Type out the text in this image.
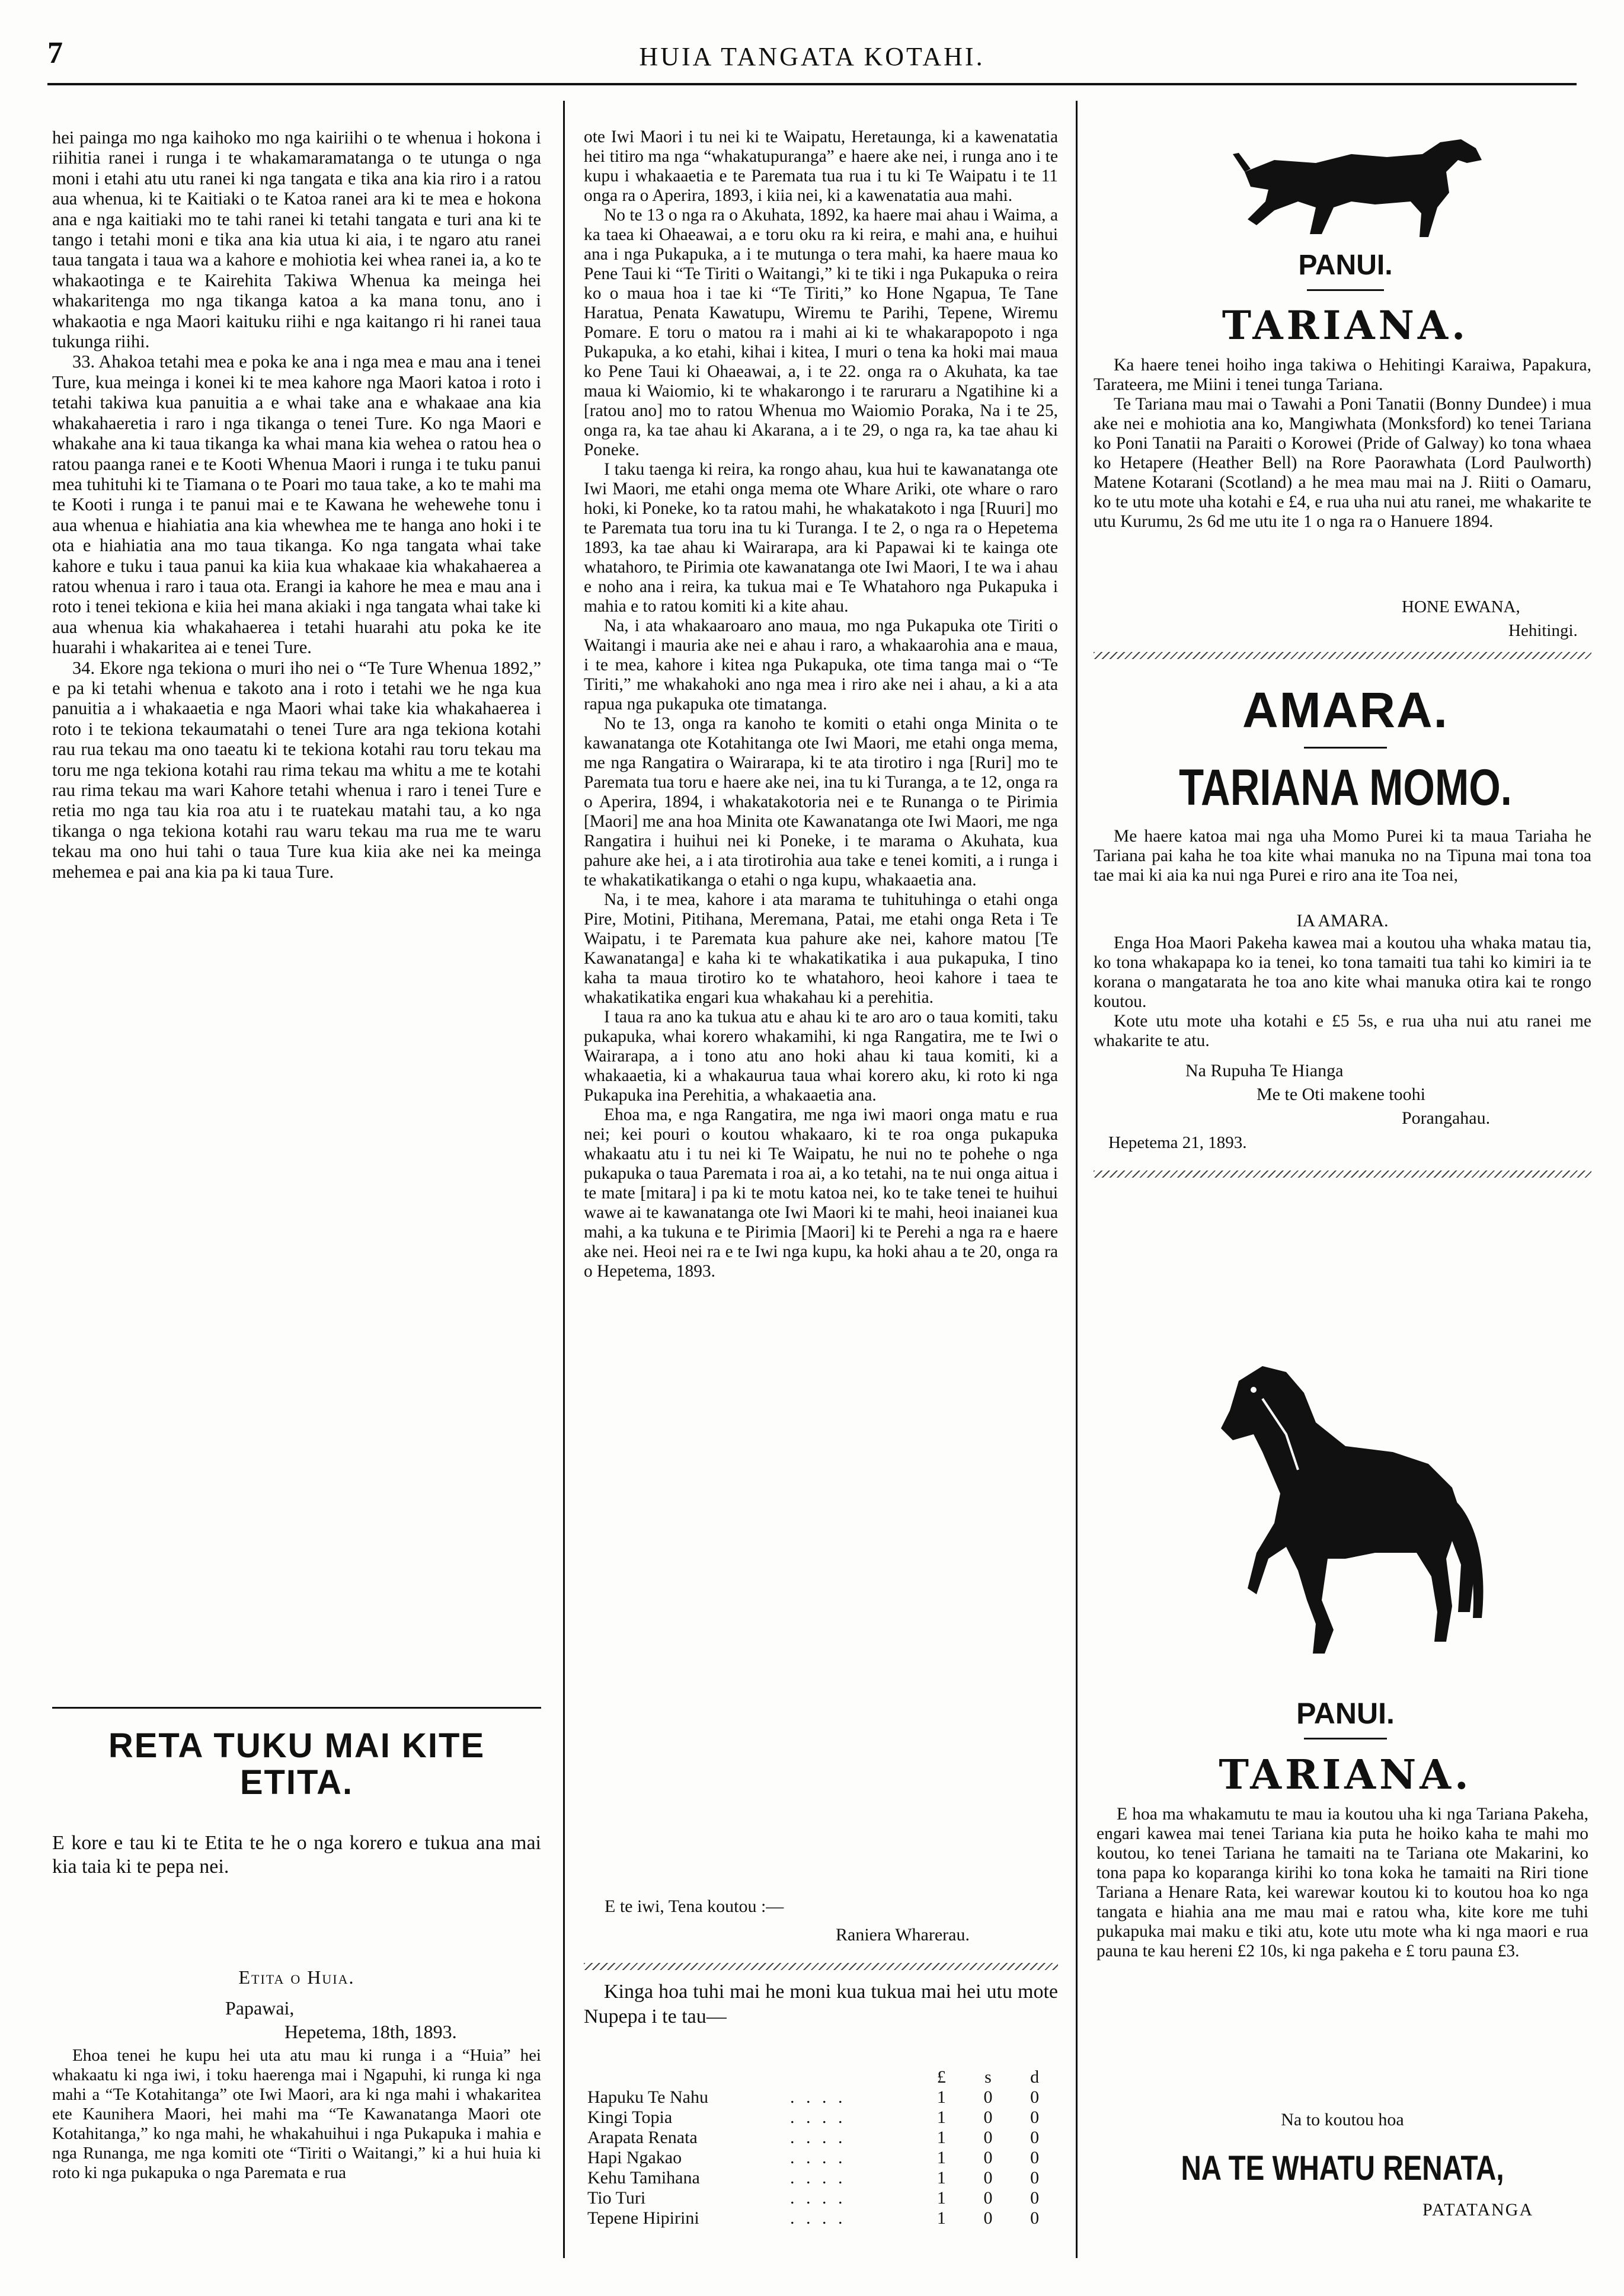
7	HUIA TANGATA KOTAHI.

hei painga mo nga kaihoko mo nga kairiihi o te whenua i hokona i riihitia ranei i runga i te whakamaramatanga o te utunga o nga moni i etahi atu utu ranei ki nga tangata e tika ana kia riro i a ratou aua whenua, ki te Kaitiaki o te Katoa ranei ara ki te mea e hokona ana e nga kaitiaki mo te tahi ranei ki tetahi tangata e turi ana ki te tango i tetahi moni e tika ana kia utua ki aia, i te ngaro atu ranei taua tangata i taua wa a kahore e mohiotia kei whea ranei ia, a ko te whakaotinga e te Kairehita Takiwa Whenua ka meinga hei whakaritenga mo nga tikanga katoa a ka mana tonu, ano i whakaotia e nga Maori kaituku riihi e nga kaitango ri hi ranei taua tukunga riihi.

33. Ahakoa tetahi mea e poka ke ana i nga mea e mau ana i tenei Ture, kua meinga i konei ki te mea kahore nga Maori katoa i roto i tetahi takiwa kua panuitia a e whai take ana e whakaae ana kia whakahaeretia i raro i nga tikanga o tenei Ture. Ko nga Maori e whakahe ana ki taua tikanga ka whai mana kia wehea o ratou hea o ratou paanga ranei e te Kooti Whenua Maori i runga i te tuku panui mea tuhituhi ki te Tiamana o te Poari mo taua take, a ko te mahi ma te Kooti i runga i te panui mai e te Kawana he wehewehe tonu i aua whenua e hiahiatia ana kia whewhea me te hanga ano hoki i te ota e hiahiatia ana mo taua tikanga. Ko nga tangata whai take kahore e tuku i taua panui ka kiia kua whakaae kia whakahaerea a ratou whenua i raro i taua ota. Erangi ia kahore he mea e mau ana i roto i tenei tekiona e kiia hei mana akiaki i nga tangata whai take ki aua whenua kia whakahaerea i tetahi huarahi atu poka ke ite huarahi i whakaritea ai e tenei Ture.

34. Ekore nga tekiona o muri iho nei o “Te Ture Whenua 1892,” e pa ki tetahi whenua e takoto ana i roto i tetahi we he nga kua panuitia a i whakaaetia e nga Maori whai take kia whakahaerea i roto i te tekiona tekaumatahi o tenei Ture ara nga tekiona kotahi rau rua tekau ma ono taeatu ki te tekiona kotahi rau toru tekau ma toru me nga tekiona kotahi rau rima tekau ma whitu a me te kotahi rau rima tekau ma wari Kahore tetahi whenua i raro i tenei Ture e retia mo nga tau kia roa atu i te ruatekau matahi tau, a ko nga tikanga o nga tekiona kotahi rau waru tekau ma rua me te waru tekau ma ono hui tahi o taua Ture kua kiia ake nei ka meinga mehemea e pai ana kia pa ki taua Ture.

RETA TUKU MAI KITE ETITA.

E kore e tau ki te Etita te he o nga korero e tukua ana mai kia taia ki te pepa nei.

Etita o Huia.
Papawai,
Hepetema, 18th, 1893.

Ehoa tenei he kupu hei uta atu mau ki runga i a “Huia” hei whakaatu ki nga iwi, i toku haerenga mai i Ngapuhi, ki runga ki nga mahi a “Te Kotahitanga” ote Iwi Maori, ara ki nga mahi i whakaritea ete Kaunihera Maori, hei mahi ma “Te Kawanatanga Maori ote Kotahitanga,” ko nga mahi, he whakahuihui i nga Pukapuka i mahia e nga Runanga, me nga komiti ote “Tiriti o Waitangi,” ki a hui huia ki roto ki nga pukapuka o nga Paremata e rua

ote Iwi Maori i tu nei ki te Waipatu, Heretaunga, ki a kawenatatia hei titiro ma nga “whakatupuranga” e haere ake nei, i runga ano i te kupu i whakaaetia e te Paremata tua rua i tu ki Te Waipatu i te 11 onga ra o Aperira, 1893, i kiia nei, ki a kawenatatia aua mahi.

No te 13 o nga ra o Akuhata, 1892, ka haere mai ahau i Waima, a ka taea ki Ohaeawai, a e toru oku ra ki reira, e mahi ana, e huihui ana i nga Pukapuka, a i te mutunga o tera mahi, ka haere maua ko Pene Taui ki “Te Tiriti o Waitangi,” ki te tiki i nga Pukapuka o reira ko o maua hoa i tae ki “Te Tiriti,” ko Hone Ngapua, Te Tane Haratua, Penata Kawatupu, Wiremu te Parihi, Tepene, Wiremu Pomare. E toru o matou ra i mahi ai ki te whakarapopoto i nga Pukapuka, a ko etahi, kihai i kitea, I muri o tena ka hoki mai maua ko Pene Taui ki Ohaeawai, a, i te 22. onga ra o Akuhata, ka tae maua ki Waiomio, ki te whakarongo i te raruraru a Ngatihine ki a [ratou ano] mo to ratou Whenua mo Waiomio Poraka, Na i te 25, onga ra, ka tae ahau ki Akarana, a i te 29, o nga ra, ka tae ahau ki Poneke.

I taku taenga ki reira, ka rongo ahau, kua hui te kawanatanga ote Iwi Maori, me etahi onga mema ote Whare Ariki, ote whare o raro hoki, ki Poneke, ko ta ratou mahi, he whakatakoto i nga [Ruuri] mo te Paremata tua toru ina tu ki Turanga. I te 2, o nga ra o Hepetema 1893, ka tae ahau ki Wairarapa, ara ki Papawai ki te kainga ote whatahoro, te Pirimia ote kawanatanga ote Iwi Maori, I te wa i ahau e noho ana i reira, ka tukua mai e Te Whatahoro nga Pukapuka i mahia e to ratou komiti ki a kite ahau.

Na, i ata whakaaroaro ano maua, mo nga Pukapuka ote Tiriti o Waitangi i mauria ake nei e ahau i raro, a whakaarohia ana e maua, i te mea, kahore i kitea nga Pukapuka, ote tima tanga mai o “Te Tiriti,” me whakahoki ano nga mea i riro ake nei i ahau, a ki a ata rapua nga pukapuka ote timatanga.

No te 13, onga ra kanoho te komiti o etahi onga Minita o te kawanatanga ote Kotahitanga ote Iwi Maori, me etahi onga mema, me nga Rangatira o Wairarapa, ki te ata tirotiro i nga [Ruri] mo te Paremata tua toru e haere ake nei, ina tu ki Turanga, a te 12, onga ra o Aperira, 1894, i whakatakotoria nei e te Runanga o te Pirimia [Maori] me ana hoa Minita ote Kawanatanga ote Iwi Maori, me nga Rangatira i huihui nei ki Poneke, i te marama o Akuhata, kua pahure ake hei, a i ata tirotirohia aua take e tenei komiti, a i runga i te whakatikatikanga o etahi o nga kupu, whakaaetia ana.

Na, i te mea, kahore i ata marama te tuhituhinga o etahi onga Pire, Motini, Pitihana, Meremana, Patai, me etahi onga Reta i Te Waipatu, i te Paremata kua pahure ake nei, kahore matou [Te Kawanatanga] e kaha ki te whakatikatika i aua pukapuka, I tino kaha ta maua tirotiro ko te whatahoro, heoi kahore i taea te whakatikatika engari kua whakahau ki a perehitia.

I taua ra ano ka tukua atu e ahau ki te aro aro o taua komiti, taku pukapuka, whai korero whakamihi, ki nga Rangatira, me te Iwi o Wairarapa, a i tono atu ano hoki ahau ki taua komiti, ki a whakaaetia, ki a whakaurua taua whai korero aku, ki roto ki nga Pukapuka ina Perehitia, a whakaaetia ana.

Ehoa ma, e nga Rangatira, me nga iwi maori onga matu e rua nei; kei pouri o koutou whakaaro, ki te roa onga pukapuka whakaatu atu i tu nei ki Te Waipatu, he nui no te pohehe o nga pukapuka o taua Paremata i roa ai, a ko tetahi, na te nui onga aitua i te mate [mitara] i pa ki te motu katoa nei, ko te take tenei te huihui wawe ai te kawanatanga ote Iwi Maori ki te mahi, heoi inaianei kua mahi, a ka tukuna e te Pirimia [Maori] ki te Perehi a nga ra e haere ake nei. Heoi nei ra e te Iwi nga kupu, ka hoki ahau a te 20, onga ra o Hepetema, 1893.

E te iwi, Tena koutou :—
Raniera Wharerau.

Kinga hoa tuhi mai he moni kua tukua mai hei utu mote Nupepa i te tau—

		£	s	d
Hapuku Te Nahu	. . . .	1	0	0
Kingi Topia	. . . .	1	0	0
Arapata Renata	. . . .	1	0	0
Hapi Ngakao	. . . .	1	0	0
Kehu Tamihana	. . . .	1	0	0
Tio Turi	. . . .	1	0	0
Tepene Hipirini	. . . .	1	0	0
PANUI.
TARIANA.

Ka haere tenei hoiho inga takiwa o Hehitingi Karaiwa, Papakura, Tarateera, me Miini i tenei tunga Tariana.

Te Tariana mau mai o Tawahi a Poni Tanatii (Bonny Dundee) i mua ake nei e mohiotia ana ko, Mangiwhata (Monksford) ko tenei Tariana ko Poni Tanatii na Paraiti o Korowei (Pride of Galway) ko tona whaea ko Hetapere (Heather Bell) na Rore Paorawhata (Lord Paulworth) Matene Kotarani (Scotland) a he mea mau mai na J. Riiti o Oamaru, ko te utu mote uha kotahi e £4, e rua uha nui atu ranei, me whakarite te utu Kurumu, 2s 6d me utu ite 1 o nga ra o Hanuere 1894.

HONE EWANA,
Hehitingi.
AMARA.
TARIANA MOMO.

Me haere katoa mai nga uha Momo Purei ki ta maua Tariaha he Tariana pai kaha he toa kite whai manuka no na Tipuna mai tona toa tae mai ki aia ka nui nga Purei e riro ana ite Toa nei,

IA AMARA.

Enga Hoa Maori Pakeha kawea mai a koutou uha whaka matau tia, ko tona whakapapa ko ia tenei, ko tona tamaiti tua tahi ko kimiri ia te korana o mangatarata he toa ano kite whai manuka otira kai te rongo koutou.

Kote utu mote uha kotahi e £5 5s, e rua uha nui atu ranei me whakarite te atu.

Na Rupuha Te Hianga
Me te Oti makene toohi
Porangahau.
Hepetema 21, 1893.
PANUI.
TARIANA.

E hoa ma whakamutu te mau ia koutou uha ki nga Tariana Pakeha, engari kawea mai tenei Tariana kia puta he hoiko kaha te mahi mo koutou, ko tenei Tariana he tamaiti na te Tariana ote Makarini, ko tona papa ko koparanga kirihi ko tona koka he tamaiti na Riri tione Tariana a Henare Rata, kei warewar koutou ki to koutou hoa ko nga tangata e hiahia ana me mau mai e ratou wha, kite kore me tuhi pukapuka mai maku e tiki atu, kote utu mote wha ki nga maori e rua pauna te kau hereni £2 10s, ki nga pakeha e £ toru pauna £3.

Na to koutou hoa
NA TE WHATU RENATA,
PATATANGA
